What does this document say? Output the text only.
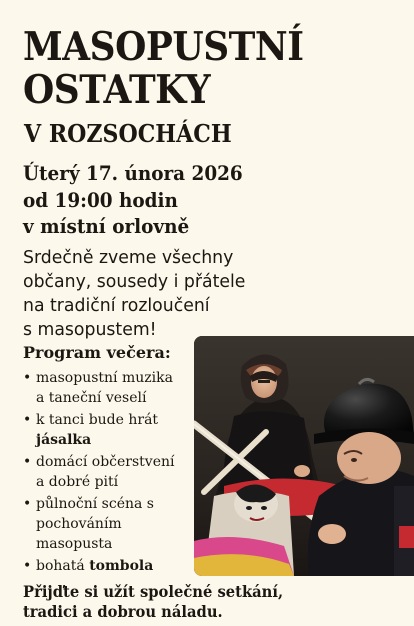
MASOPUSTNÍ
OSTATKY
V ROZSOCHÁCH
Úterý 17. února 2026
od 19:00 hodin
v místní orlovně
Srdečně zveme všechny
občany, sousedy i přátele
na tradiční rozloučení
s masopustem!
Program večera:
• masopustní muzika
a taneční veselí
• k tanci bude hrát
jásalka
• domácí občerstvení
a dobré pití
• půlnoční scéna s
pochováním
masopusta
• bohatá tombola
Přijďte si užít společné setkání,
tradici a dobrou náladu.
